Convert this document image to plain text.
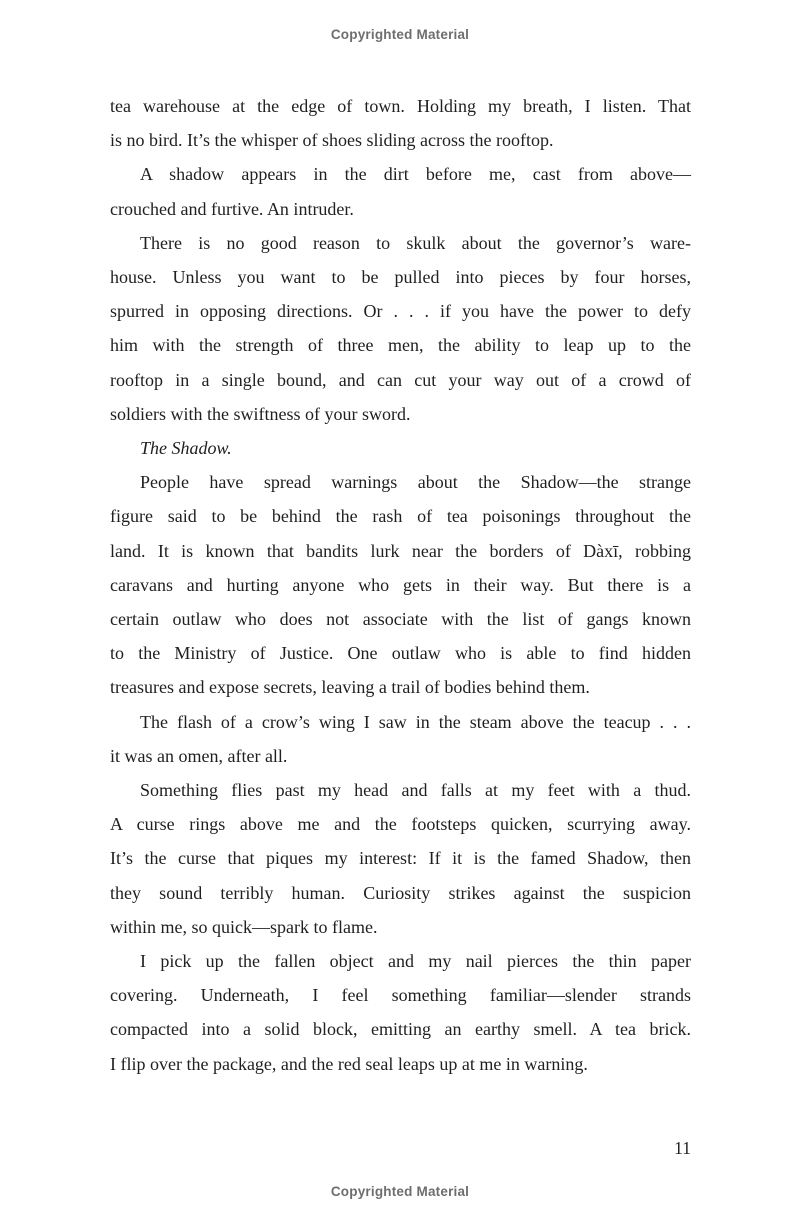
Copyrighted Material
tea warehouse at the edge of town. Holding my breath, I listen. That
is no bird. It’s the whisper of shoes sliding across the rooftop.
A shadow appears in the dirt before me, cast from above—
crouched and furtive. An intruder.
There is no good reason to skulk about the governor’s ware-
house. Unless you want to be pulled into pieces by four horses,
spurred in opposing directions. Or . . . if you have the power to defy
him with the strength of three men, the ability to leap up to the
rooftop in a single bound, and can cut your way out of a crowd of
soldiers with the swiftness of your sword.
The Shadow.
People have spread warnings about the Shadow—the strange
figure said to be behind the rash of tea poisonings throughout the
land. It is known that bandits lurk near the borders of Dàxī, robbing
caravans and hurting anyone who gets in their way. But there is a
certain outlaw who does not associate with the list of gangs known
to the Ministry of Justice. One outlaw who is able to find hidden
treasures and expose secrets, leaving a trail of bodies behind them.
The flash of a crow’s wing I saw in the steam above the teacup . . .
it was an omen, after all.
Something flies past my head and falls at my feet with a thud.
A curse rings above me and the footsteps quicken, scurrying away.
It’s the curse that piques my interest: If it is the famed Shadow, then
they sound terribly human. Curiosity strikes against the suspicion
within me, so quick—spark to flame.
I pick up the fallen object and my nail pierces the thin paper
covering. Underneath, I feel something familiar—slender strands
compacted into a solid block, emitting an earthy smell. A tea brick.
I flip over the package, and the red seal leaps up at me in warning.
11
Copyrighted Material
